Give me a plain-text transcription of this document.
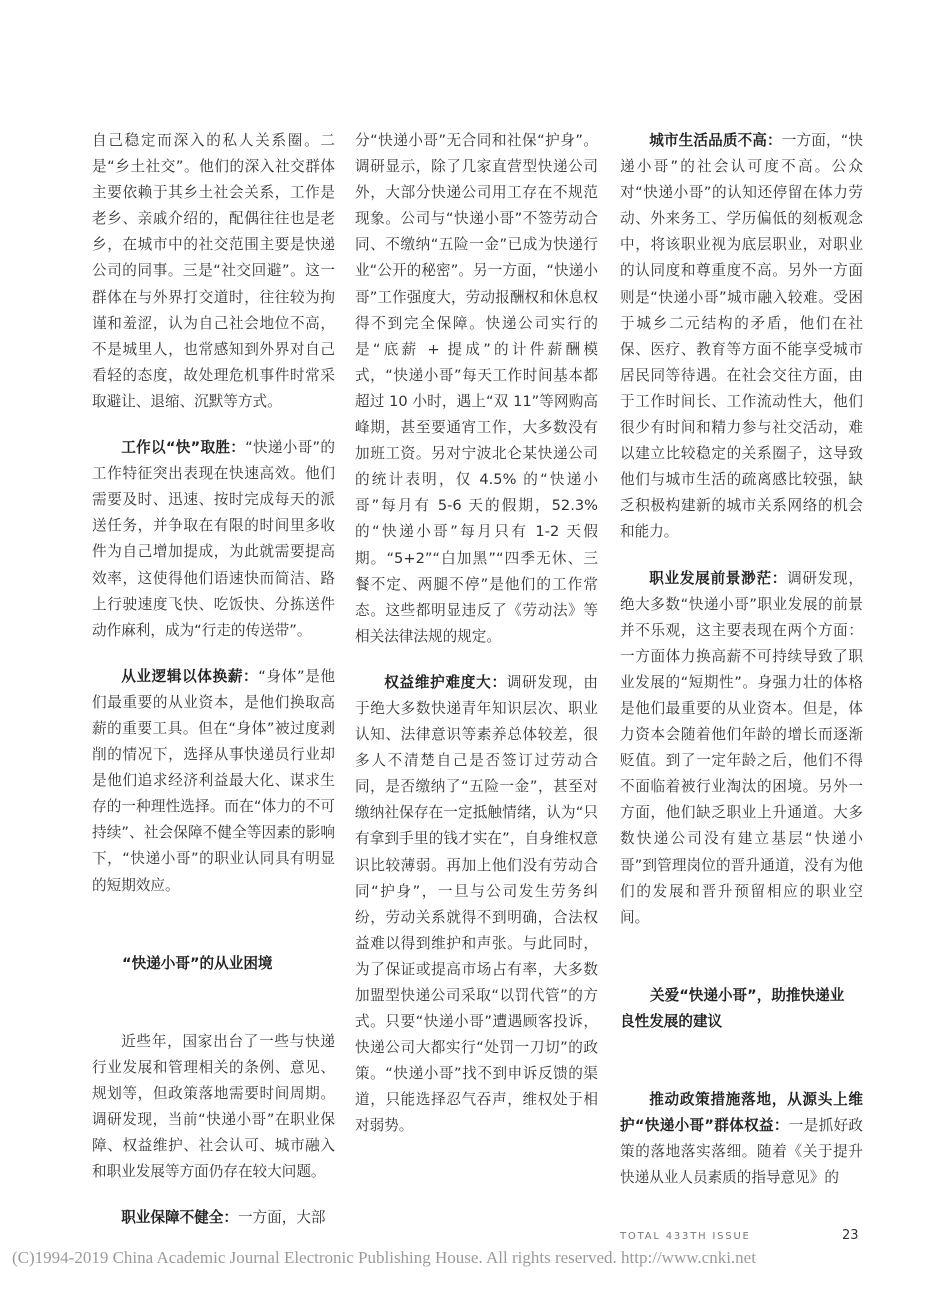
自己稳定而深入的私人关系圈。二是“乡土社交”。他们的深入社交群体主要依赖于其乡土社会关系，工作是老乡、亲戚介绍的，配偶往往也是老乡，在城市中的社交范围主要是快递公司的同事。三是“社交回避”。这一群体在与外界打交道时，往往较为拘谨和羞涩，认为自己社会地位不高，不是城里人，也常感知到外界对自己看轻的态度，故处理危机事件时常采取避让、退缩、沉默等方式。

工作以“快”取胜：“快递小哥”的工作特征突出表现在快速高效。他们需要及时、迅速、按时完成每天的派送任务，并争取在有限的时间里多收件为自己增加提成，为此就需要提高效率，这使得他们语速快而简洁、路上行驶速度飞快、吃饭快、分拣送件动作麻利，成为“行走的传送带”。

从业逻辑以体换薪：“身体”是他们最重要的从业资本，是他们换取高薪的重要工具。但在“身体”被过度剥削的情况下，选择从事快递员行业却是他们追求经济利益最大化、谋求生存的一种理性选择。而在“体力的不可持续”、社会保障不健全等因素的影响下，“快递小哥”的职业认同具有明显的短期效应。

“快递小哥”的从业困境

近些年，国家出台了一些与快递行业发展和管理相关的条例、意见、规划等，但政策落地需要时间周期。调研发现，当前“快递小哥”在职业保障、权益维护、社会认可、城市融入和职业发展等方面仍存在较大问题。

职业保障不健全：一方面，大部

分“快递小哥”无合同和社保“护身”。调研显示，除了几家直营型快递公司外，大部分快递公司用工存在不规范现象。公司与“快递小哥”不签劳动合同、不缴纳“五险一金”已成为快递行业“公开的秘密”。另一方面，“快递小哥”工作强度大，劳动报酬权和休息权得不到完全保障。快递公司实行的是“底薪 + 提成”的计件薪酬模式，“快递小哥”每天工作时间基本都超过 10 小时，遇上“双 11”等网购高峰期，甚至要通宵工作，大多数没有加班工资。另对宁波北仑某快递公司的统计表明，仅 4.5% 的“快递小哥”每月有 5-6 天的假期，52.3% 的“快递小哥”每月只有 1-2 天假期。“5+2”“白加黑”“四季无休、三餐不定、两腿不停”是他们的工作常态。这些都明显违反了《劳动法》等相关法律法规的规定。

权益维护难度大：调研发现，由于绝大多数快递青年知识层次、职业认知、法律意识等素养总体较差，很多人不清楚自己是否签订过劳动合同，是否缴纳了“五险一金”，甚至对缴纳社保存在一定抵触情绪，认为“只有拿到手里的钱才实在”，自身维权意识比较薄弱。再加上他们没有劳动合同“护身”，一旦与公司发生劳务纠纷，劳动关系就得不到明确，合法权益难以得到维护和声张。与此同时，为了保证或提高市场占有率，大多数加盟型快递公司采取“以罚代管”的方式。只要“快递小哥”遭遇顾客投诉，快递公司大都实行“处罚一刀切”的政策。“快递小哥”找不到申诉反馈的渠道，只能选择忍气吞声，维权处于相对弱势。

城市生活品质不高：一方面，“快递小哥”的社会认可度不高。公众对“快递小哥”的认知还停留在体力劳动、外来务工、学历偏低的刻板观念中，将该职业视为底层职业，对职业的认同度和尊重度不高。另外一方面则是“快递小哥”城市融入较难。受困于城乡二元结构的矛盾，他们在社保、医疗、教育等方面不能享受城市居民同等待遇。在社会交往方面，由于工作时间长、工作流动性大，他们很少有时间和精力参与社交活动，难以建立比较稳定的关系圈子，这导致他们与城市生活的疏离感比较强，缺乏积极构建新的城市关系网络的机会和能力。

职业发展前景渺茫：调研发现，绝大多数“快递小哥”职业发展的前景并不乐观，这主要表现在两个方面：一方面体力换高薪不可持续导致了职业发展的“短期性”。身强力壮的体格是他们最重要的从业资本。但是，体力资本会随着他们年龄的增长而逐渐贬值。到了一定年龄之后，他们不得不面临着被行业淘汰的困境。另外一方面，他们缺乏职业上升通道。大多数快递公司没有建立基层“快递小哥”到管理岗位的晋升通道，没有为他们的发展和晋升预留相应的职业空间。

关爱“快递小哥”，助推快递业

良性发展的建议

推动政策措施落地，从源头上维护“快递小哥”群体权益：一是抓好政策的落地落实落细。随着《关于提升快递从业人员素质的指导意见》的

TOTAL 433TH ISSUE	23
(C)1994-2019 China Academic Journal Electronic Publishing House. All rights reserved. http://www.cnki.net
